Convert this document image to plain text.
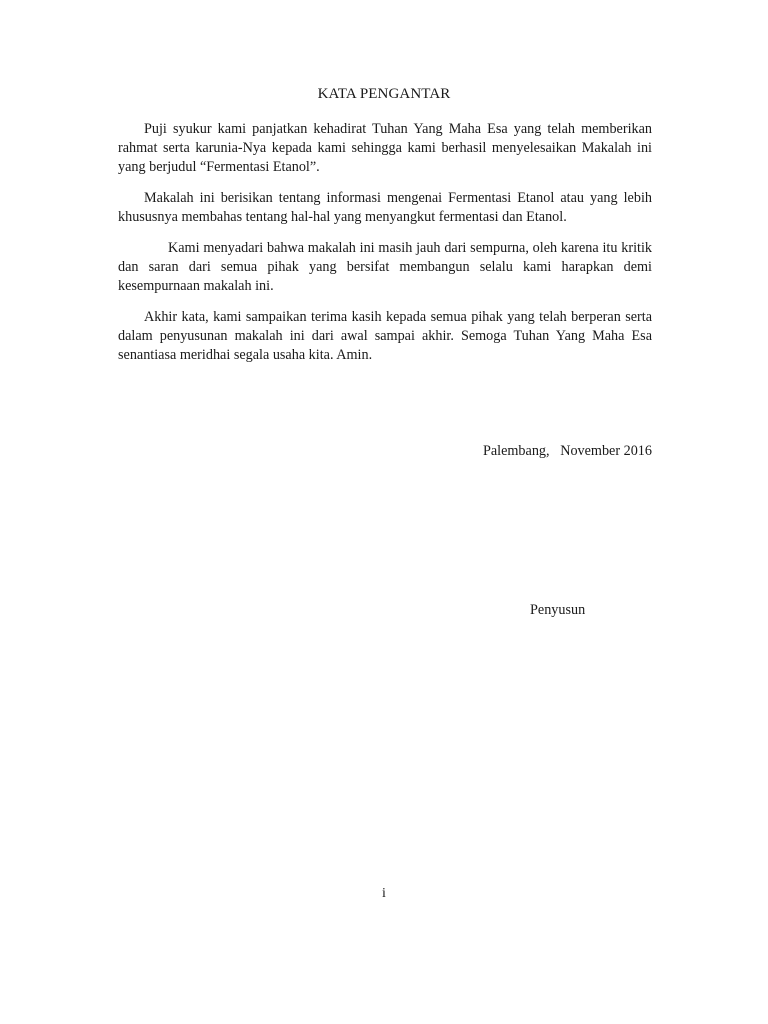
KATA PENGANTAR

Puji syukur kami panjatkan kehadirat Tuhan Yang Maha Esa yang telah memberikan rahmat serta karunia-Nya kepada kami sehingga kami berhasil menyelesaikan Makalah ini yang berjudul “Fermentasi Etanol”.

Makalah ini berisikan tentang informasi mengenai Fermentasi Etanol atau yang lebih khususnya membahas tentang hal-hal yang menyangkut fermentasi dan Etanol.

Kami menyadari bahwa makalah ini masih jauh dari sempurna, oleh karena itu kritik dan saran dari semua pihak yang bersifat membangun selalu kami harapkan demi kesempurnaan makalah ini.

Akhir kata, kami sampaikan terima kasih kepada semua pihak yang telah berperan serta dalam penyusunan makalah ini dari awal sampai akhir. Semoga Tuhan Yang Maha Esa senantiasa meridhai segala usaha kita. Amin.

Palembang,   November 2016
Penyusun
i
